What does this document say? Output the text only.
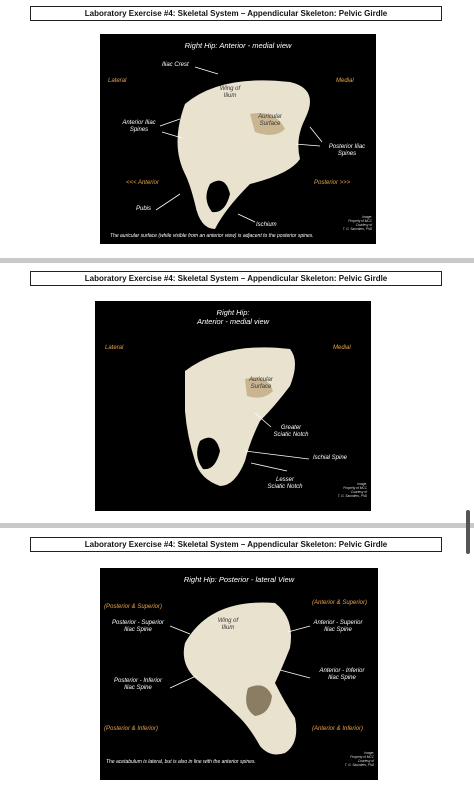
Laboratory Exercise #4: Skeletal System – Appendicular Skeleton: Pelvic Girdle
Right Hip: Anterior - medial view
Iliac Crest
Lateral	Medial
Wing of
Ilium
Anterior Iliac
Spines
Auricular
Surface
Posterior Iliac
Spines
<<< Anterior	Posterior >>>
Pubis
Ischium
The auricular surface (while visible from an anterior view) is adjacent to the posterior spines.
Image:
Property of MCC
Courtesy of
T. G. Saunders, PhD
Laboratory Exercise #4: Skeletal System – Appendicular Skeleton: Pelvic Girdle
Right Hip:
Anterior - medial view
Lateral	Medial
Auricular
Surface
Greater
Sciatic Notch
Ischial Spine
Lesser
Sciatic Notch	Image:
Property of MCC
Courtesy of
T. G. Saunders, PhD
Laboratory Exercise #4: Skeletal System – Appendicular Skeleton: Pelvic Girdle
Right Hip: Posterior - lateral View
(Posterior & Superior)
(Anterior & Superior)
Posterior - Superior
Iliac Spine
Wing of
Ilium
Anterior - Superior
Iliac Spine
Anterior - Inferior
Iliac Spine
Posterior - Inferior
Iliac Spine
(Posterior & Inferior)	(Anterior & Inferior)
The acetabulum is lateral, but is also in line with the anterior spines.
Image:
Property of MCC
Courtesy of
T. G. Saunders, PhD
